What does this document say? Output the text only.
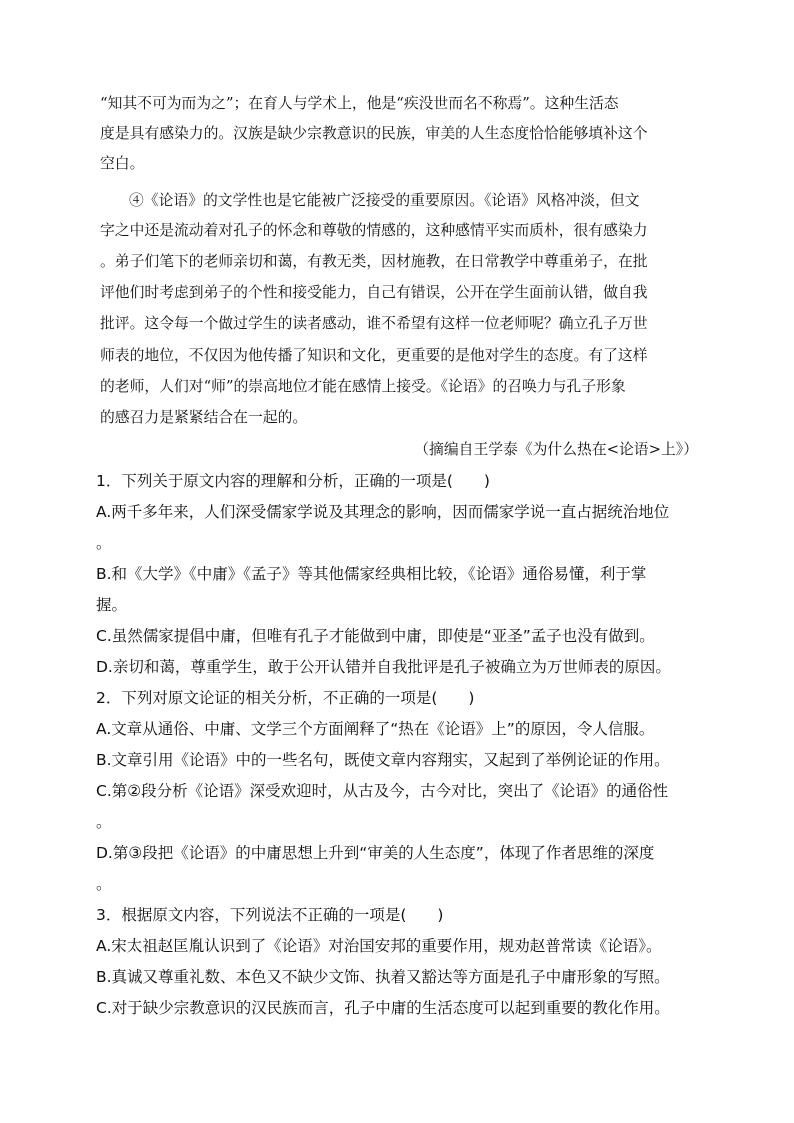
“知其不可为而为之”；在育人与学术上，他是“疾没世而名不称焉”。这种生活态
度是具有感染力的。汉族是缺少宗教意识的民族，审美的人生态度恰恰能够填补这个
空白。
④《论语》的文学性也是它能被广泛接受的重要原因。《论语》风格冲淡，但文
字之中还是流动着对孔子的怀念和尊敬的情感的，这种感情平实而质朴，很有感染力
。弟子们笔下的老师亲切和蔼，有教无类，因材施教，在日常教学中尊重弟子，在批
评他们时考虑到弟子的个性和接受能力，自己有错误，公开在学生面前认错，做自我
批评。这令每一个做过学生的读者感动，谁不希望有这样一位老师呢？确立孔子万世
师表的地位，不仅因为他传播了知识和文化，更重要的是他对学生的态度。有了这样
的老师，人们对“师”的崇高地位才能在感情上接受。《论语》的召唤力与孔子形象
的感召力是紧紧结合在一起的。
（摘编自王学泰《为什么热在<论语>上》）
1．下列关于原文内容的理解和分析，正确的一项是(　　)
A.两千多年来，人们深受儒家学说及其理念的影响，因而儒家学说一直占据统治地位
。
B.和《大学》《中庸》《孟子》等其他儒家经典相比较，《论语》通俗易懂，利于掌
握。
C.虽然儒家提倡中庸，但唯有孔子才能做到中庸，即使是“亚圣”孟子也没有做到。
D.亲切和蔼，尊重学生，敢于公开认错并自我批评是孔子被确立为万世师表的原因。
2．下列对原文论证的相关分析，不正确的一项是(　　)
A.文章从通俗、中庸、文学三个方面阐释了“热在《论语》上”的原因，令人信服。
B.文章引用《论语》中的一些名句，既使文章内容翔实，又起到了举例论证的作用。
C.第②段分析《论语》深受欢迎时，从古及今，古今对比，突出了《论语》的通俗性
。
D.第③段把《论语》的中庸思想上升到“审美的人生态度”，体现了作者思维的深度
。
3．根据原文内容，下列说法不正确的一项是(　　)
A.宋太祖赵匡胤认识到了《论语》对治国安邦的重要作用，规劝赵普常读《论语》。
B.真诚又尊重礼数、本色又不缺少文饰、执着又豁达等方面是孔子中庸形象的写照。
C.对于缺少宗教意识的汉民族而言，孔子中庸的生活态度可以起到重要的教化作用。
